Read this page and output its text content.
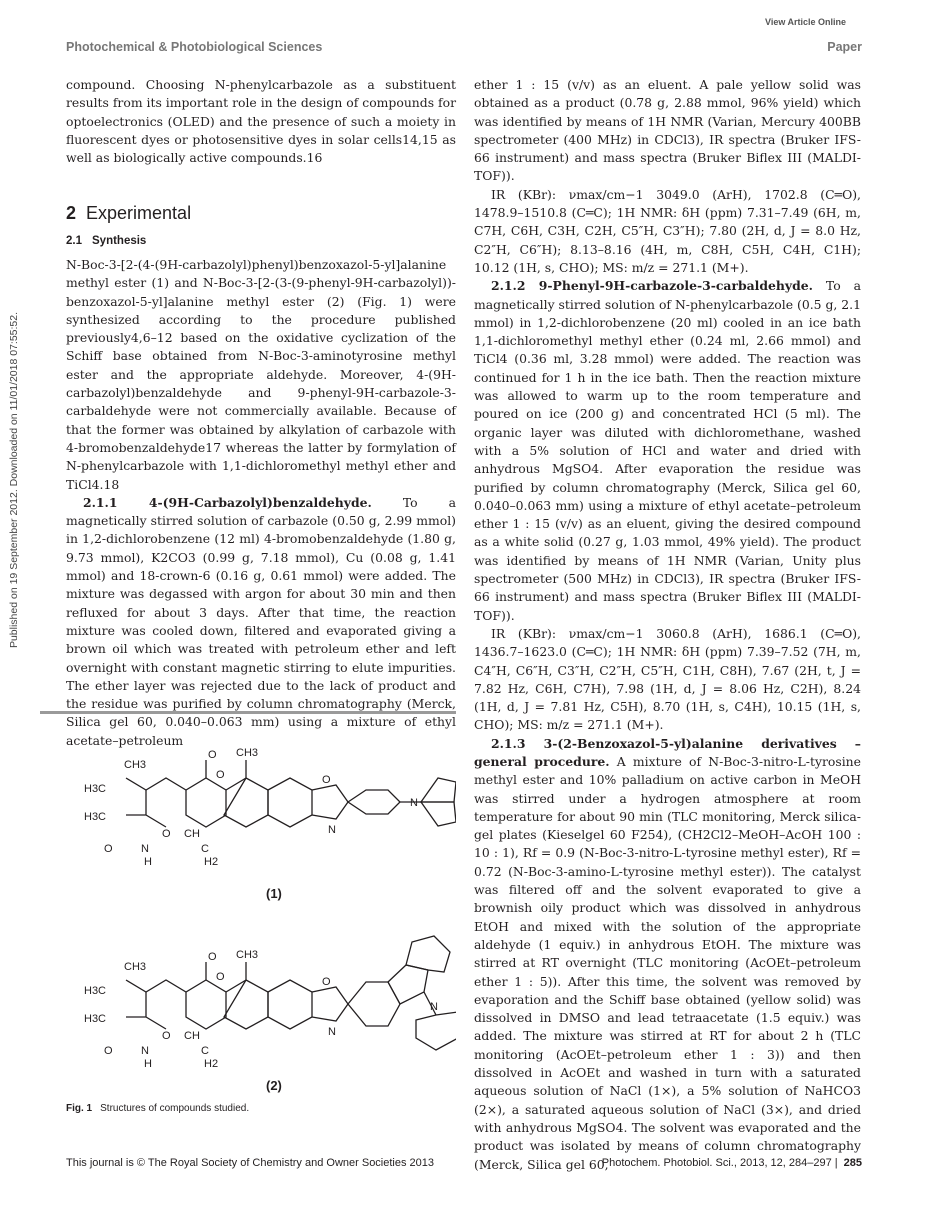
View Article Online
Photochemical & Photobiological Sciences	Paper
Published on 19 September 2012. Downloaded on 11/01/2018 07:55:52.

compound. Choosing N-phenylcarbazole as a substituent results from its important role in the design of compounds for optoelectronics (OLED) and the presence of such a moiety in fluorescent dyes or photosensitive dyes in solar cells14,15 as well as biologically active compounds.16

2 Experimental
2.1 Synthesis

N-Boc-3-[2-(4-(9H-carbazolyl)phenyl)benzoxazol-5-yl]alanine methyl ester (1) and N-Boc-3-[2-(3-(9-phenyl-9H-carbazolyl))-benzoxazol-5-yl]alanine methyl ester (2) (Fig. 1) were synthesized according to the procedure published previously4,6–12 based on the oxidative cyclization of the Schiff base obtained from N-Boc-3-aminotyrosine methyl ester and the appropriate aldehyde. Moreover, 4-(9H-carbazolyl)benzaldehyde and 9-phenyl-9H-carbazole-3-carbaldehyde were not commercially available. Because of that the former was obtained by alkylation of carbazole with 4-bromobenzaldehyde17 whereas the latter by formylation of N-phenylcarbazole with 1,1-dichloromethyl methyl ether and TiCl4.18

2.1.1 4-(9H-Carbazolyl)benzaldehyde.	To a magnetically stirred solution of carbazole (0.50 g, 2.99 mmol) in 1,2-dichlorobenzene (12 ml) 4-bromobenzaldehyde (1.80 g, 9.73 mmol), K2CO3 (0.99 g, 7.18 mmol), Cu (0.08 g, 1.41 mmol) and 18-crown-6 (0.16 g, 0.61 mmol) were added. The mixture was degassed with argon for about 30 min and then refluxed for about 3 days. After that time, the reaction mixture was cooled down, filtered and evaporated giving a brown oil which was treated with petroleum ether and left overnight with constant magnetic stirring to elute impurities. The ether layer was rejected due to the lack of product and the residue was purified by column chromatography (Merck, Silica gel 60, 0.040–0.063 mm) using a mixture of ethyl acetate–petroleum

H3C
CH3
H3C
O
O
N
H
CH
O
O CH3
C
H2
O
N
N
H3C
CH3
H3C
O
O
N
H
CH
O
O CH3
C
H2
O
N
N
(1)
(2)
Fig. 1 Structures of compounds studied.

ether 1 : 15 (v/v) as an eluent. A pale yellow solid was obtained as a product (0.78 g, 2.88 mmol, 96% yield) which was identified by means of 1H NMR (Varian, Mercury 400BB spectrometer (400 MHz) in CDCl3), IR spectra (Bruker IFS-66 instrument) and mass spectra (Bruker Biflex III (MALDI-TOF)).

IR (KBr): νmax/cm−1 3049.0 (ArH), 1702.8 (C═O), 1478.9–1510.8 (C═C); 1H NMR: δH (ppm) 7.31–7.49 (6H, m, C7H, C6H, C3H, C2H, C5″H, C3″H); 7.80 (2H, d, J = 8.0 Hz, C2″H, C6″H); 8.13–8.16 (4H, m, C8H, C5H, C4H, C1H); 10.12 (1H, s, CHO); MS: m/z = 271.1 (M+).

2.1.2 9-Phenyl-9H-carbazole-3-carbaldehyde. To a magnetically stirred solution of N-phenylcarbazole (0.5 g, 2.1 mmol) in 1,2-dichlorobenzene (20 ml) cooled in an ice bath 1,1-dichloromethyl methyl ether (0.24 ml, 2.66 mmol) and TiCl4 (0.36 ml, 3.28 mmol) were added. The reaction was continued for 1 h in the ice bath. Then the reaction mixture was allowed to warm up to the room temperature and poured on ice (200 g) and concentrated HCl (5 ml). The organic layer was diluted with dichloromethane, washed with a 5% solution of HCl and water and dried with anhydrous MgSO4. After evaporation the residue was purified by column chromatography (Merck, Silica gel 60, 0.040–0.063 mm) using a mixture of ethyl acetate–petroleum ether 1 : 15 (v/v) as an eluent, giving the desired compound as a white solid (0.27 g, 1.03 mmol, 49% yield). The product was identified by means of 1H NMR (Varian, Unity plus spectrometer (500 MHz) in CDCl3), IR spectra (Bruker IFS-66 instrument) and mass spectra (Bruker Biflex III (MALDI-TOF)).

IR (KBr): νmax/cm−1 3060.8 (ArH), 1686.1 (C═O), 1436.7–1623.0 (C═C); 1H NMR: δH (ppm) 7.39–7.52 (7H, m, C4″H, C6″H, C3″H, C2″H, C5″H, C1H, C8H), 7.67 (2H, t, J = 7.82 Hz, C6H, C7H), 7.98 (1H, d, J = 8.06 Hz, C2H), 8.24 (1H, d, J = 7.81 Hz, C5H), 8.70 (1H, s, C4H), 10.15 (1H, s, CHO); MS: m/z = 271.1 (M+).

2.1.3 3-(2-Benzoxazol-5-yl)alanine derivatives – general procedure. A mixture of N-Boc-3-nitro-L-tyrosine methyl ester and 10% palladium on active carbon in MeOH was stirred under a hydrogen atmosphere at room temperature for about 90 min (TLC monitoring, Merck silica-gel plates (Kieselgel 60 F254), (CH2Cl2–MeOH–AcOH 100 : 10 : 1), Rf = 0.9 (N-Boc-3-nitro-L-tyrosine methyl ester), Rf = 0.72 (N-Boc-3-amino-L-tyrosine methyl ester)). The catalyst was filtered off and the solvent evaporated to give a brownish oily product which was dissolved in anhydrous EtOH and mixed with the solution of the appropriate aldehyde (1 equiv.) in anhydrous EtOH. The mixture was stirred at RT overnight (TLC monitoring (AcOEt–petroleum ether 1 : 5)). After this time, the solvent was removed by evaporation and the Schiff base obtained (yellow solid) was dissolved in DMSO and lead tetraacetate (1.5 equiv.) was added. The mixture was stirred at RT for about 2 h (TLC monitoring (AcOEt–petroleum ether 1 : 3)) and then dissolved in AcOEt and washed in turn with a saturated aqueous solution of NaCl (1×), a 5% solution of NaHCO3 (2×), a saturated aqueous solution of NaCl (3×), and dried with anhydrous MgSO4. The solvent was evaporated and the product was isolated by means of column chromatography (Merck, Silica gel 60,

This journal is © The Royal Society of Chemistry and Owner Societies 2013	Photochem. Photobiol. Sci., 2013, 12, 284–297 | 285
